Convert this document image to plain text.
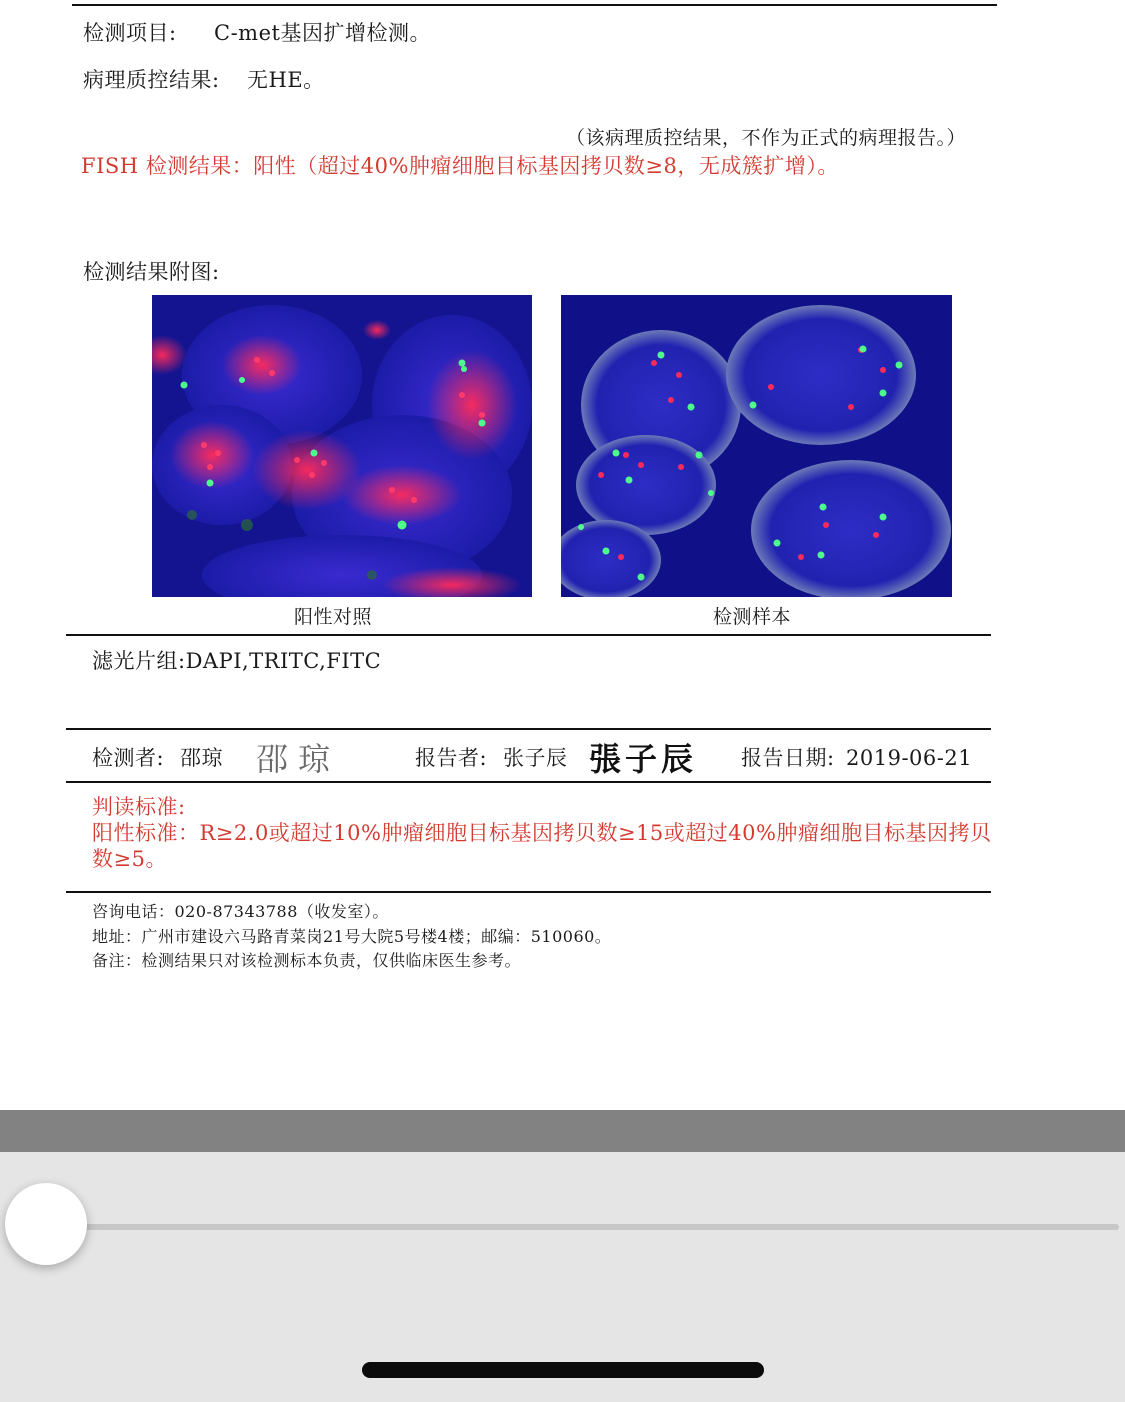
检测项目: C-met基因扩增检测。
病理质控结果: 无HE。
（该病理质控结果，不作为正式的病理报告。）
FISH 检测结果：阳性（超过40%肿瘤细胞目标基因拷贝数≥8，无成簇扩增）。
检测结果附图:
阳性对照	检测样本
滤光片组:DAPI,TRITC,FITC
检测者: 邵琼 邵琼	报告者: 张子辰 張子辰 报告日期: 2019-06-21
判读标准:
阳性标准：R≥2.0或超过10%肿瘤细胞目标基因拷贝数≥15或超过40%肿瘤细胞目标基因拷贝
数≥5。
咨询电话：020-87343788（收发室）。
地址：广州市建设六马路青菜岗21号大院5号楼4楼；邮编：510060。
备注：检测结果只对该检测标本负责，仅供临床医生参考。
